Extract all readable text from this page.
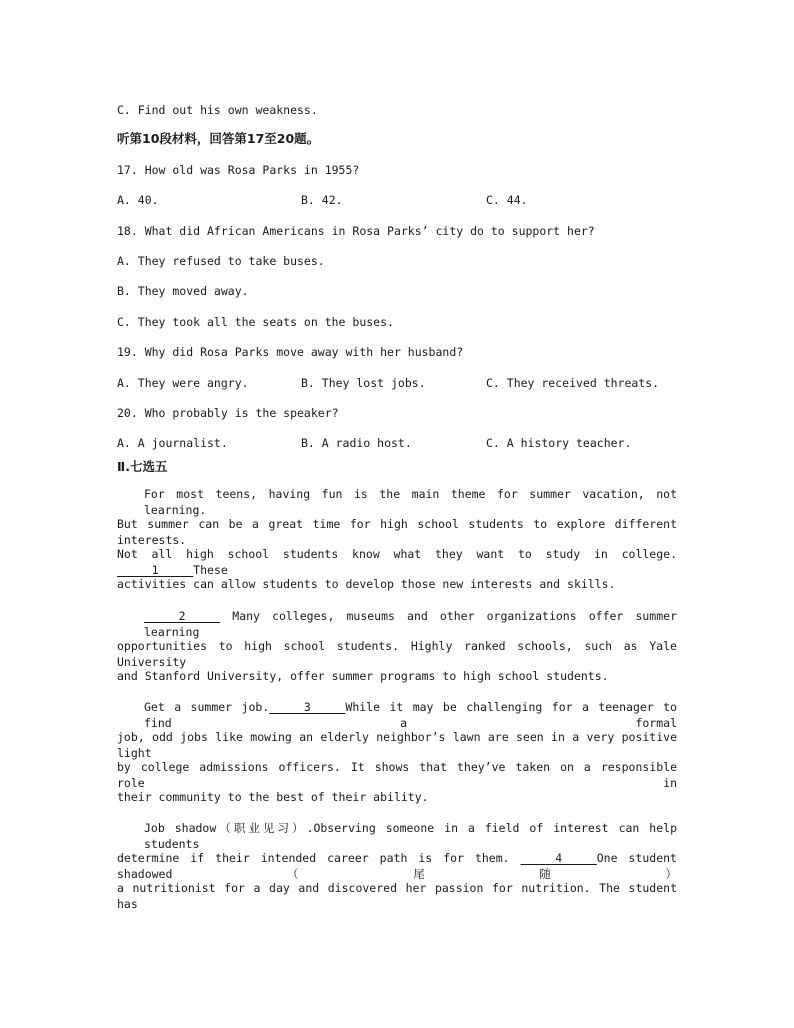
C. Find out his own weakness.
听第10段材料，回答第17至20题。
17. How old was Rosa Parks in 1955?
A. 40.	B. 42.	C. 44.
18. What did African Americans in Rosa Parks’ city do to support her?
A. They refused to take buses.
B. They moved away.
C. They took all the seats on the buses.
19. Why did Rosa Parks move away with her husband?
A. They were angry.	B. They lost jobs.	C. They received threats.
20. Who probably is the speaker?
A. A journalist.	B. A radio host.	C. A history teacher.
Ⅱ.七选五
For most teens, having fun is the main theme for summer vacation, not learning.
But summer can be a great time for high school students to explore different interests.
Not all high school students know what they want to study in college.      1     These
activities can allow students to develop those new interests and skills.
2      Many colleges, museums and other organizations offer summer learning
opportunities to high school students. Highly ranked schools, such as Yale University
and Stanford University, offer summer programs to high school students.
Get a summer job.     3     While it may be challenging for a teenager to find a formal
job, odd jobs like mowing an elderly neighbor’s lawn are seen in a very positive light
by college admissions officers. It shows that they’ve taken on a responsible role in
their community to the best of their ability.
Job shadow（职业见习）.Observing someone in a field of interest can help students
determine if their intended career path is for them.      4     One student shadowed（尾随）
a nutritionist for a day and discovered her passion for nutrition. The student has
